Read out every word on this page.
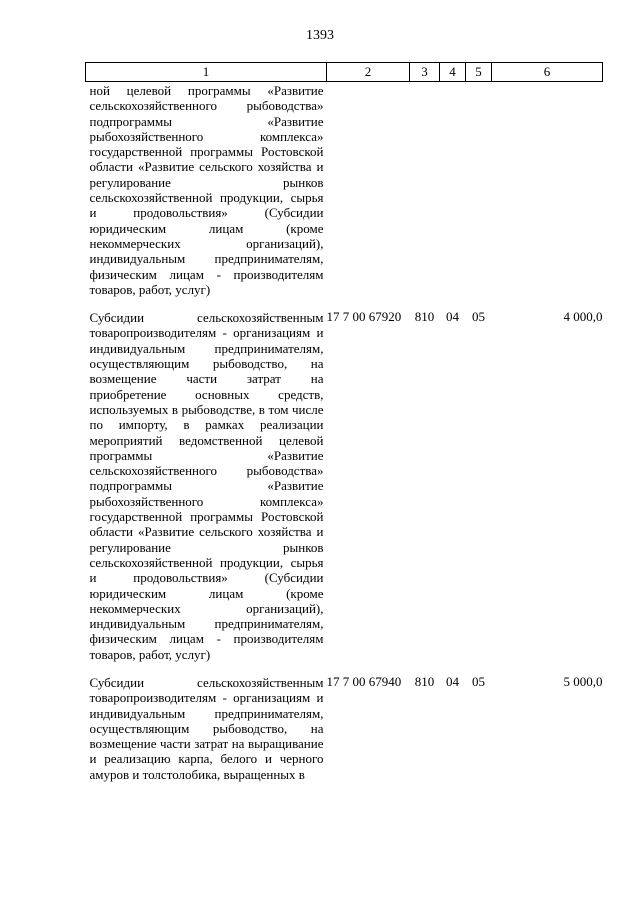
1393
1	2	3	4	5	6

ной целевой программы «Развитие сельскохозяйственного рыбоводства» подпрограммы «Развитие рыбохозяйственного комплекса» государственной программы Ростовской области «Развитие сельского хозяйства и регулирование рынков сельскохозяйственной продукции, сырья и продовольствия» (Субсидии юридическим лицам (кроме некоммерческих организаций), индивидуальным предпринимателям, физическим лицам - производителям товаров, работ, услуг)					

Субсидии сельскохозяйственным товаропроизводителям - организациям и индивидуальным предпринимателям, осуществляющим рыбоводство, на возмещение части затрат на приобретение основных средств, используемых в рыбоводстве, в том числе по импорту, в рамках реализации мероприятий ведомственной целевой программы «Развитие сельскохозяйственного рыбоводства» подпрограммы «Развитие рыбохозяйственного комплекса» государственной программы Ростовской области «Развитие сельского хозяйства и регулирование рынков сельскохозяйственной продукции, сырья и продовольствия» (Субсидии юридическим лицам (кроме некоммерческих организаций), индивидуальным предпринимателям, физическим лицам - производителям товаров, работ, услуг)	17 7 00 67920	810	04	05	4 000,0

Субсидии сельскохозяйственным товаропроизводителям - организациям и индивидуальным предпринимателям, осуществляющим рыбоводство, на возмещение части затрат на выращивание и реализацию карпа, белого и черного амуров и толстолобика, выращенных в	17 7 00 67940	810	04	05	5 000,0
